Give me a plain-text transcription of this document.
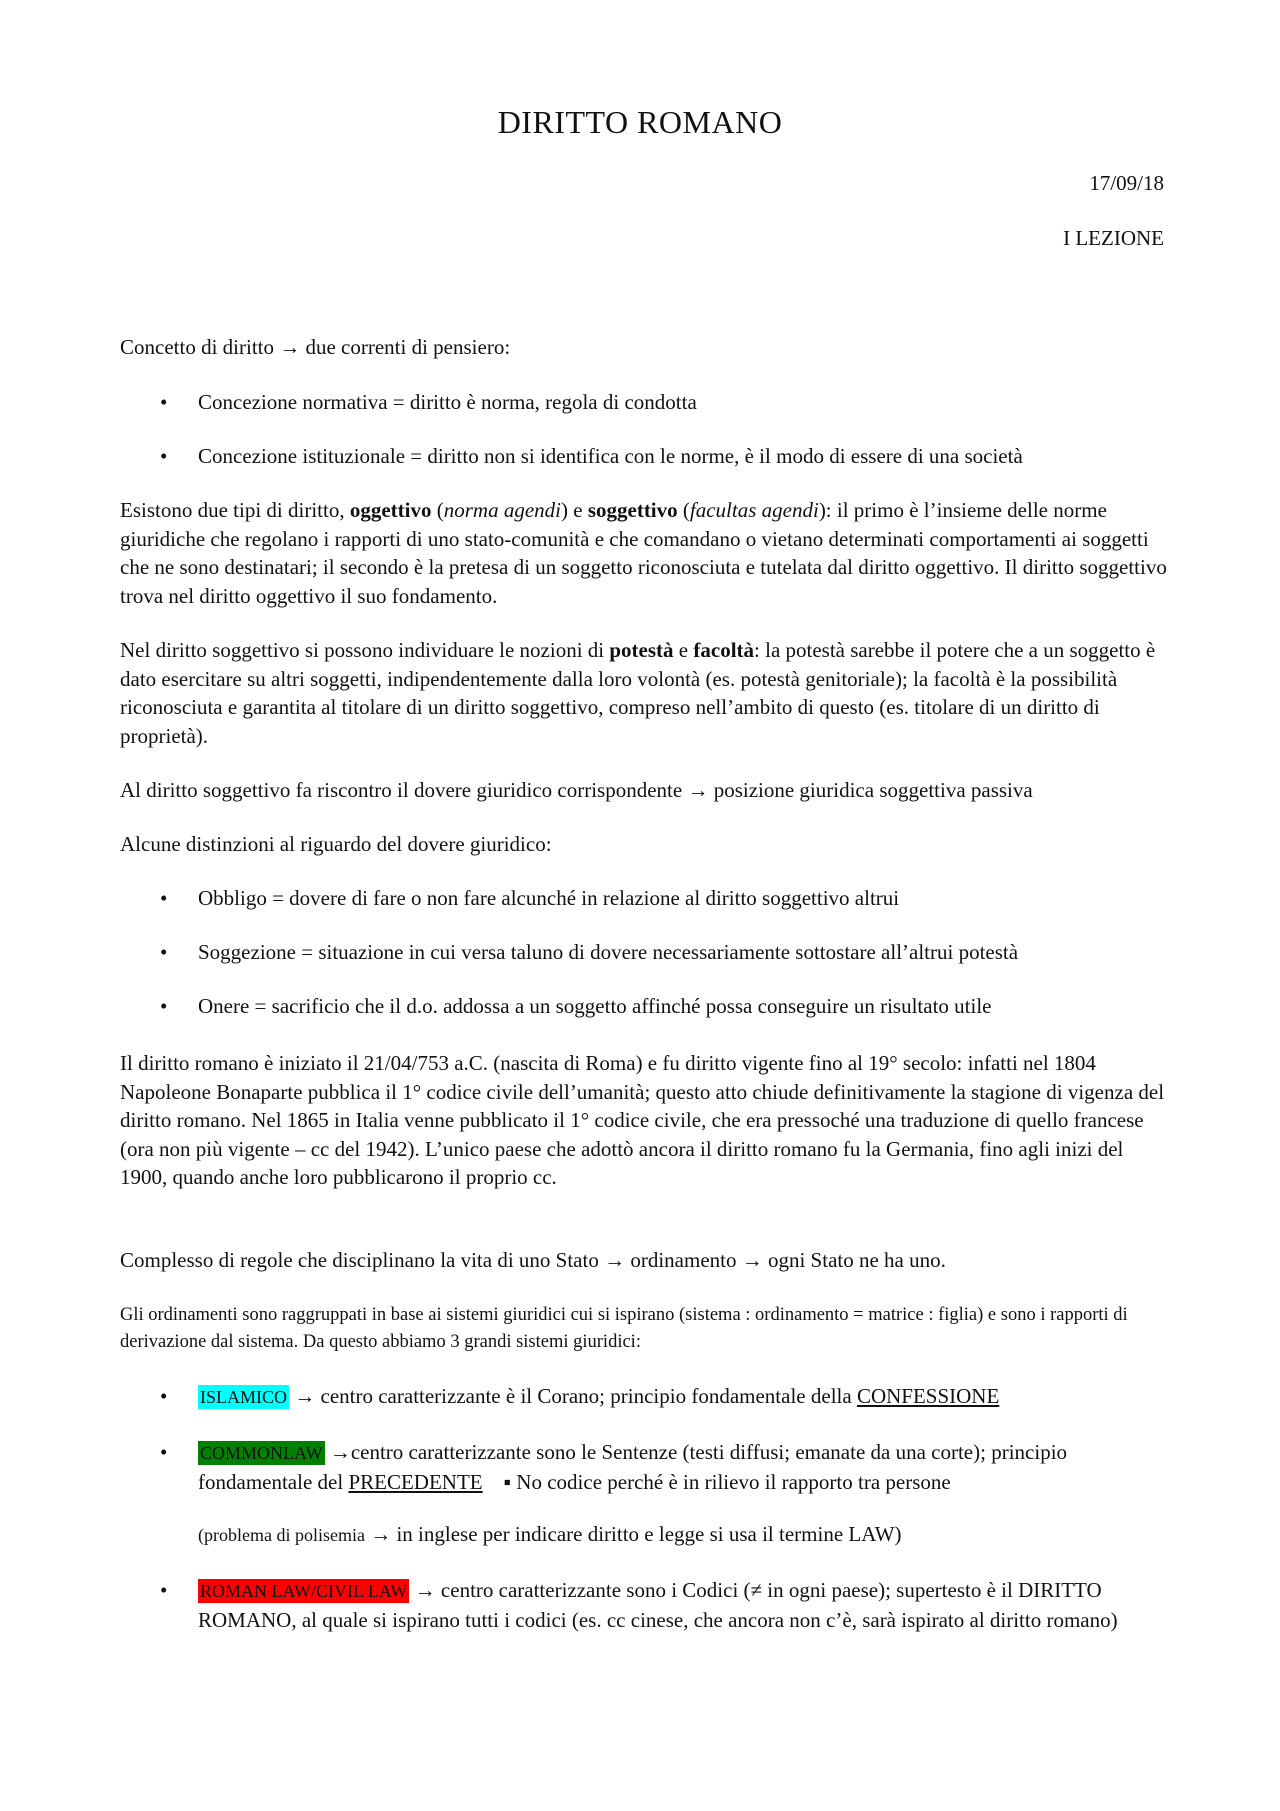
DIRITTO ROMANO
17/09/18
I LEZIONE

Concetto di diritto → due correnti di pensiero:

• Concezione normativa = diritto è norma, regola di condotta
• Concezione istituzionale = diritto non si identifica con le norme, è il modo di essere di una società

Esistono due tipi di diritto, oggettivo (norma agendi) e soggettivo (facultas agendi): il primo è l’insieme delle norme giuridiche che regolano i rapporti di uno stato-comunità e che comandano o vietano determinati comportamenti ai soggetti che ne sono destinatari; il secondo è la pretesa di un soggetto riconosciuta e tutelata dal diritto oggettivo. Il diritto soggettivo trova nel diritto oggettivo il suo fondamento.

Nel diritto soggettivo si possono individuare le nozioni di potestà e facoltà: la potestà sarebbe il potere che a un soggetto è dato esercitare su altri soggetti, indipendentemente dalla loro volontà (es. potestà genitoriale); la facoltà è la possibilità riconosciuta e garantita al titolare di un diritto soggettivo, compreso nell’ambito di questo (es. titolare di un diritto di proprietà).

Al diritto soggettivo fa riscontro il dovere giuridico corrispondente → posizione giuridica soggettiva passiva

Alcune distinzioni al riguardo del dovere giuridico:

• Obbligo = dovere di fare o non fare alcunché in relazione al diritto soggettivo altrui
• Soggezione = situazione in cui versa taluno di dovere necessariamente sottostare all’altrui potestà
• Onere = sacrificio che il d.o. addossa a un soggetto affinché possa conseguire un risultato utile

Il diritto romano è iniziato il 21/04/753 a.C. (nascita di Roma) e fu diritto vigente fino al 19° secolo: infatti nel 1804 Napoleone Bonaparte pubblica il 1° codice civile dell’umanità; questo atto chiude definitivamente la stagione di vigenza del diritto romano. Nel 1865 in Italia venne pubblicato il 1° codice civile, che era pressoché una traduzione di quello francese (ora non più vigente – cc del 1942). L’unico paese che adottò ancora il diritto romano fu la Germania, fino agli inizi del 1900, quando anche loro pubblicarono il proprio cc.

Complesso di regole che disciplinano la vita di uno Stato → ordinamento → ogni Stato ne ha uno.

Gli ordinamenti sono raggruppati in base ai sistemi giuridici cui si ispirano (sistema : ordinamento = matrice : figlia) e sono i rapporti di derivazione dal sistema. Da questo abbiamo 3 grandi sistemi giuridici:

• ISLAMICO → centro caratterizzante è il Corano; principio fondamentale della CONFESSIONE
• COMMONLAW →centro caratterizzante sono le Sentenze (testi diffusi; emanate da una corte); principio fondamentale del PRECEDENTE    ▪ No codice perché è in rilievo il rapporto tra persone
(problema di polisemia → in inglese per indicare diritto e legge si usa il termine LAW)
• ROMAN LAW/CIVIL LAW → centro caratterizzante sono i Codici (≠ in ogni paese); supertesto è il DIRITTO ROMANO, al quale si ispirano tutti i codici (es. cc cinese, che ancora non c’è, sarà ispirato al diritto romano)
